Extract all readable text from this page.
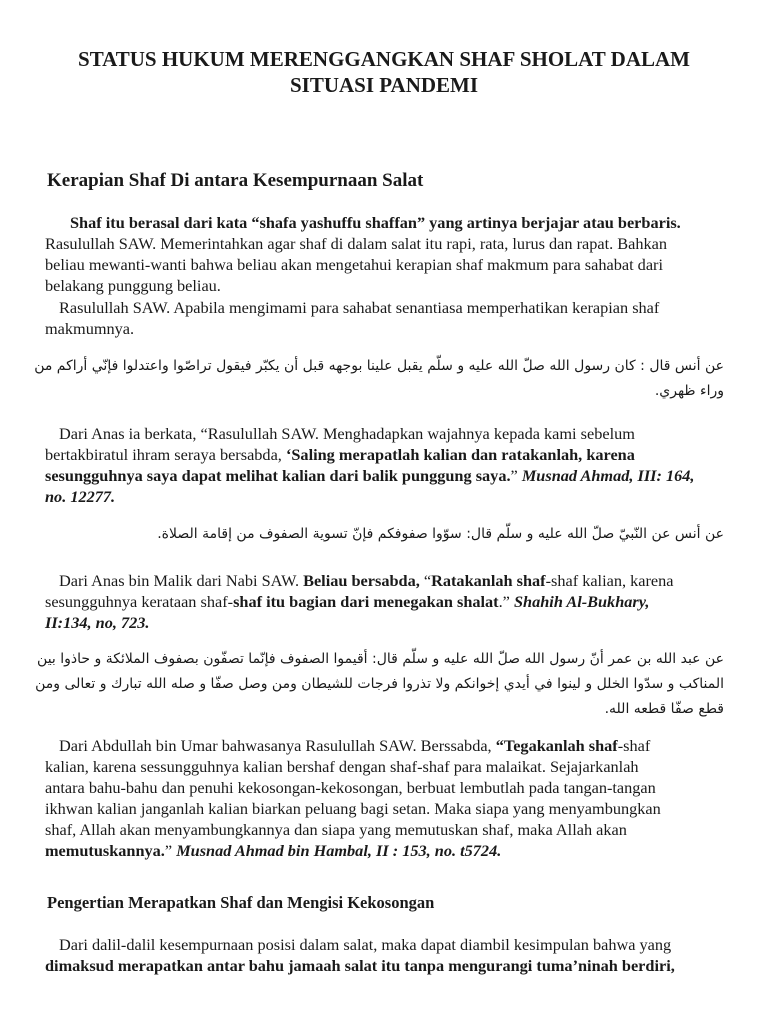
STATUS HUKUM MERENGGANGKAN SHAF SHOLAT DALAM
SITUASI PANDEMI
Kerapian Shaf Di antara Kesempurnaan Salat
Shaf itu berasal dari kata “shafa yashuffu shaffan” yang artinya berjajar atau berbaris.
Rasulullah SAW. Memerintahkan agar shaf di dalam salat itu rapi, rata, lurus dan rapat. Bahkan
beliau mewanti-wanti bahwa beliau akan mengetahui kerapian shaf makmum para sahabat dari
belakang punggung beliau.
Rasulullah SAW. Apabila mengimami para sahabat senantiasa memperhatikan kerapian shaf
makmumnya.
عن أنس قال : كان رسول الله صلّ الله عليه و سلّم يقبل علينا بوجهه قبل أن يكبّر فيقول تراصّوا واعتدلوا فإنّي أراكم من
وراء ظهري.
Dari Anas ia berkata, “Rasulullah SAW. Menghadapkan wajahnya kepada kami sebelum
bertakbiratul ihram seraya bersabda, ‘Saling merapatlah kalian dan ratakanlah, karena
sesungguhnya saya dapat melihat kalian dari balik punggung saya.” Musnad Ahmad, III: 164,
no. 12277.
عن أنس عن النّبيّ صلّ الله عليه و سلّم قال: سوّوا صفوفكم فإنّ تسوية الصفوف من إقامة الصلاة.
Dari Anas bin Malik dari Nabi SAW. Beliau bersabda, “Ratakanlah shaf-shaf kalian, karena
sesungguhnya kerataan shaf-shaf itu bagian dari menegakan shalat.” Shahih Al-Bukhary,
II:134, no, 723.
عن عبد الله بن عمر أنّ رسول الله صلّ الله عليه و سلّم قال: أقيموا الصفوف فإنّما تصفّون بصفوف الملائكة و حاذوا بين
المناكب و سدّوا الخلل و لينوا في أيدي إخوانكم ولا تذروا فرجات للشيطان ومن وصل صفّا و صله الله تبارك و تعالى ومن
قطع صفّا قطعه الله.
Dari Abdullah bin Umar bahwasanya Rasulullah SAW. Berssabda, “Tegakanlah shaf-shaf
kalian, karena sessungguhnya kalian bershaf dengan shaf-shaf para malaikat. Sejajarkanlah
antara bahu-bahu dan penuhi kekosongan-kekosongan, berbuat lembutlah pada tangan-tangan
ikhwan kalian janganlah kalian biarkan peluang bagi setan. Maka siapa yang menyambungkan
shaf, Allah akan menyambungkannya dan siapa yang memutuskan shaf, maka Allah akan
memutuskannya.” Musnad Ahmad bin Hambal, II : 153, no. t5724.
Pengertian Merapatkan Shaf dan Mengisi Kekosongan
Dari dalil-dalil kesempurnaan posisi dalam salat, maka dapat diambil kesimpulan bahwa yang
dimaksud merapatkan antar bahu jamaah salat itu tanpa mengurangi tuma’ninah berdiri,
